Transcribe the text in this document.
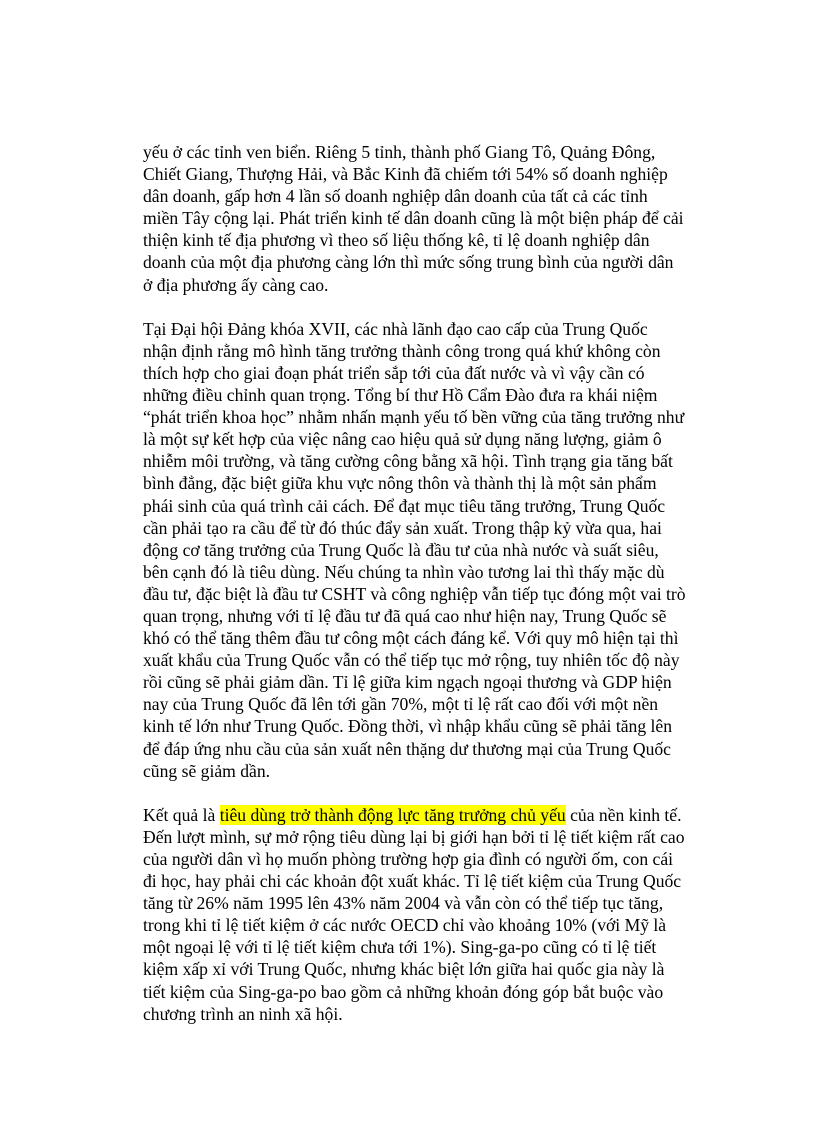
yếu ở các tỉnh ven biển. Riêng 5 tỉnh, thành phố Giang Tô, Quảng Đông,
Chiết Giang, Thượng Hải, và Bắc Kinh đã chiếm tới 54% số doanh nghiệp
dân doanh, gấp hơn 4 lần số doanh nghiệp dân doanh của tất cả các tỉnh
miền Tây cộng lại. Phát triển kinh tế dân doanh cũng là một biện pháp để cải
thiện kinh tế địa phương vì theo số liệu thống kê, tỉ lệ doanh nghiệp dân
doanh của một địa phương càng lớn thì mức sống trung bình của người dân
ở địa phương ấy càng cao.

Tại Đại hội Đảng khóa XVII, các nhà lãnh đạo cao cấp của Trung Quốc
nhận định rằng mô hình tăng trưởng thành công trong quá khứ không còn
thích hợp cho giai đoạn phát triển sắp tới của đất nước và vì vậy cần có
những điều chỉnh quan trọng. Tổng bí thư Hồ Cẩm Đào đưa ra khái niệm
“phát triển khoa học” nhằm nhấn mạnh yếu tố bền vững của tăng trưởng như
là một sự kết hợp của việc nâng cao hiệu quả sử dụng năng lượng, giảm ô
nhiễm môi trường, và tăng cường công bằng xã hội. Tình trạng gia tăng bất
bình đẳng, đặc biệt giữa khu vực nông thôn và thành thị là một sản phẩm
phái sinh của quá trình cải cách. Để đạt mục tiêu tăng trưởng, Trung Quốc
cần phải tạo ra cầu để từ đó thúc đẩy sản xuất. Trong thập kỷ vừa qua, hai
động cơ tăng trưởng của Trung Quốc là đầu tư của nhà nước và suất siêu,
bên cạnh đó là tiêu dùng. Nếu chúng ta nhìn vào tương lai thì thấy mặc dù
đầu tư, đặc biệt là đầu tư CSHT và công nghiệp vẫn tiếp tục đóng một vai trò
quan trọng, nhưng với tỉ lệ đầu tư đã quá cao như hiện nay, Trung Quốc sẽ
khó có thể tăng thêm đầu tư công một cách đáng kể. Với quy mô hiện tại thì
xuất khẩu của Trung Quốc vẫn có thể tiếp tục mở rộng, tuy nhiên tốc độ này
rồi cũng sẽ phải giảm dần. Tỉ lệ giữa kim ngạch ngoại thương và GDP hiện
nay của Trung Quốc đã lên tới gần 70%, một tỉ lệ rất cao đối với một nền
kinh tế lớn như Trung Quốc. Đồng thời, vì nhập khẩu cũng sẽ phải tăng lên
để đáp ứng nhu cầu của sản xuất nên thặng dư thương mại của Trung Quốc
cũng sẽ giảm dần.

Kết quả là tiêu dùng trở thành động lực tăng trưởng chủ yếu của nền kinh tế.
Đến lượt mình, sự mở rộng tiêu dùng lại bị giới hạn bởi tỉ lệ tiết kiệm rất cao
của người dân vì họ muốn phòng trường hợp gia đình có người ốm, con cái
đi học, hay phải chi các khoản đột xuất khác. Tỉ lệ tiết kiệm của Trung Quốc
tăng từ 26% năm 1995 lên 43% năm 2004 và vẫn còn có thể tiếp tục tăng,
trong khi tỉ lệ tiết kiệm ở các nước OECD chỉ vào khoảng 10% (với Mỹ là
một ngoại lệ với tỉ lệ tiết kiệm chưa tới 1%). Sing-ga-po cũng có tỉ lệ tiết
kiệm xấp xỉ với Trung Quốc, nhưng khác biệt lớn giữa hai quốc gia này là
tiết kiệm của Sing-ga-po bao gồm cả những khoản đóng góp bắt buộc vào
chương trình an ninh xã hội.
